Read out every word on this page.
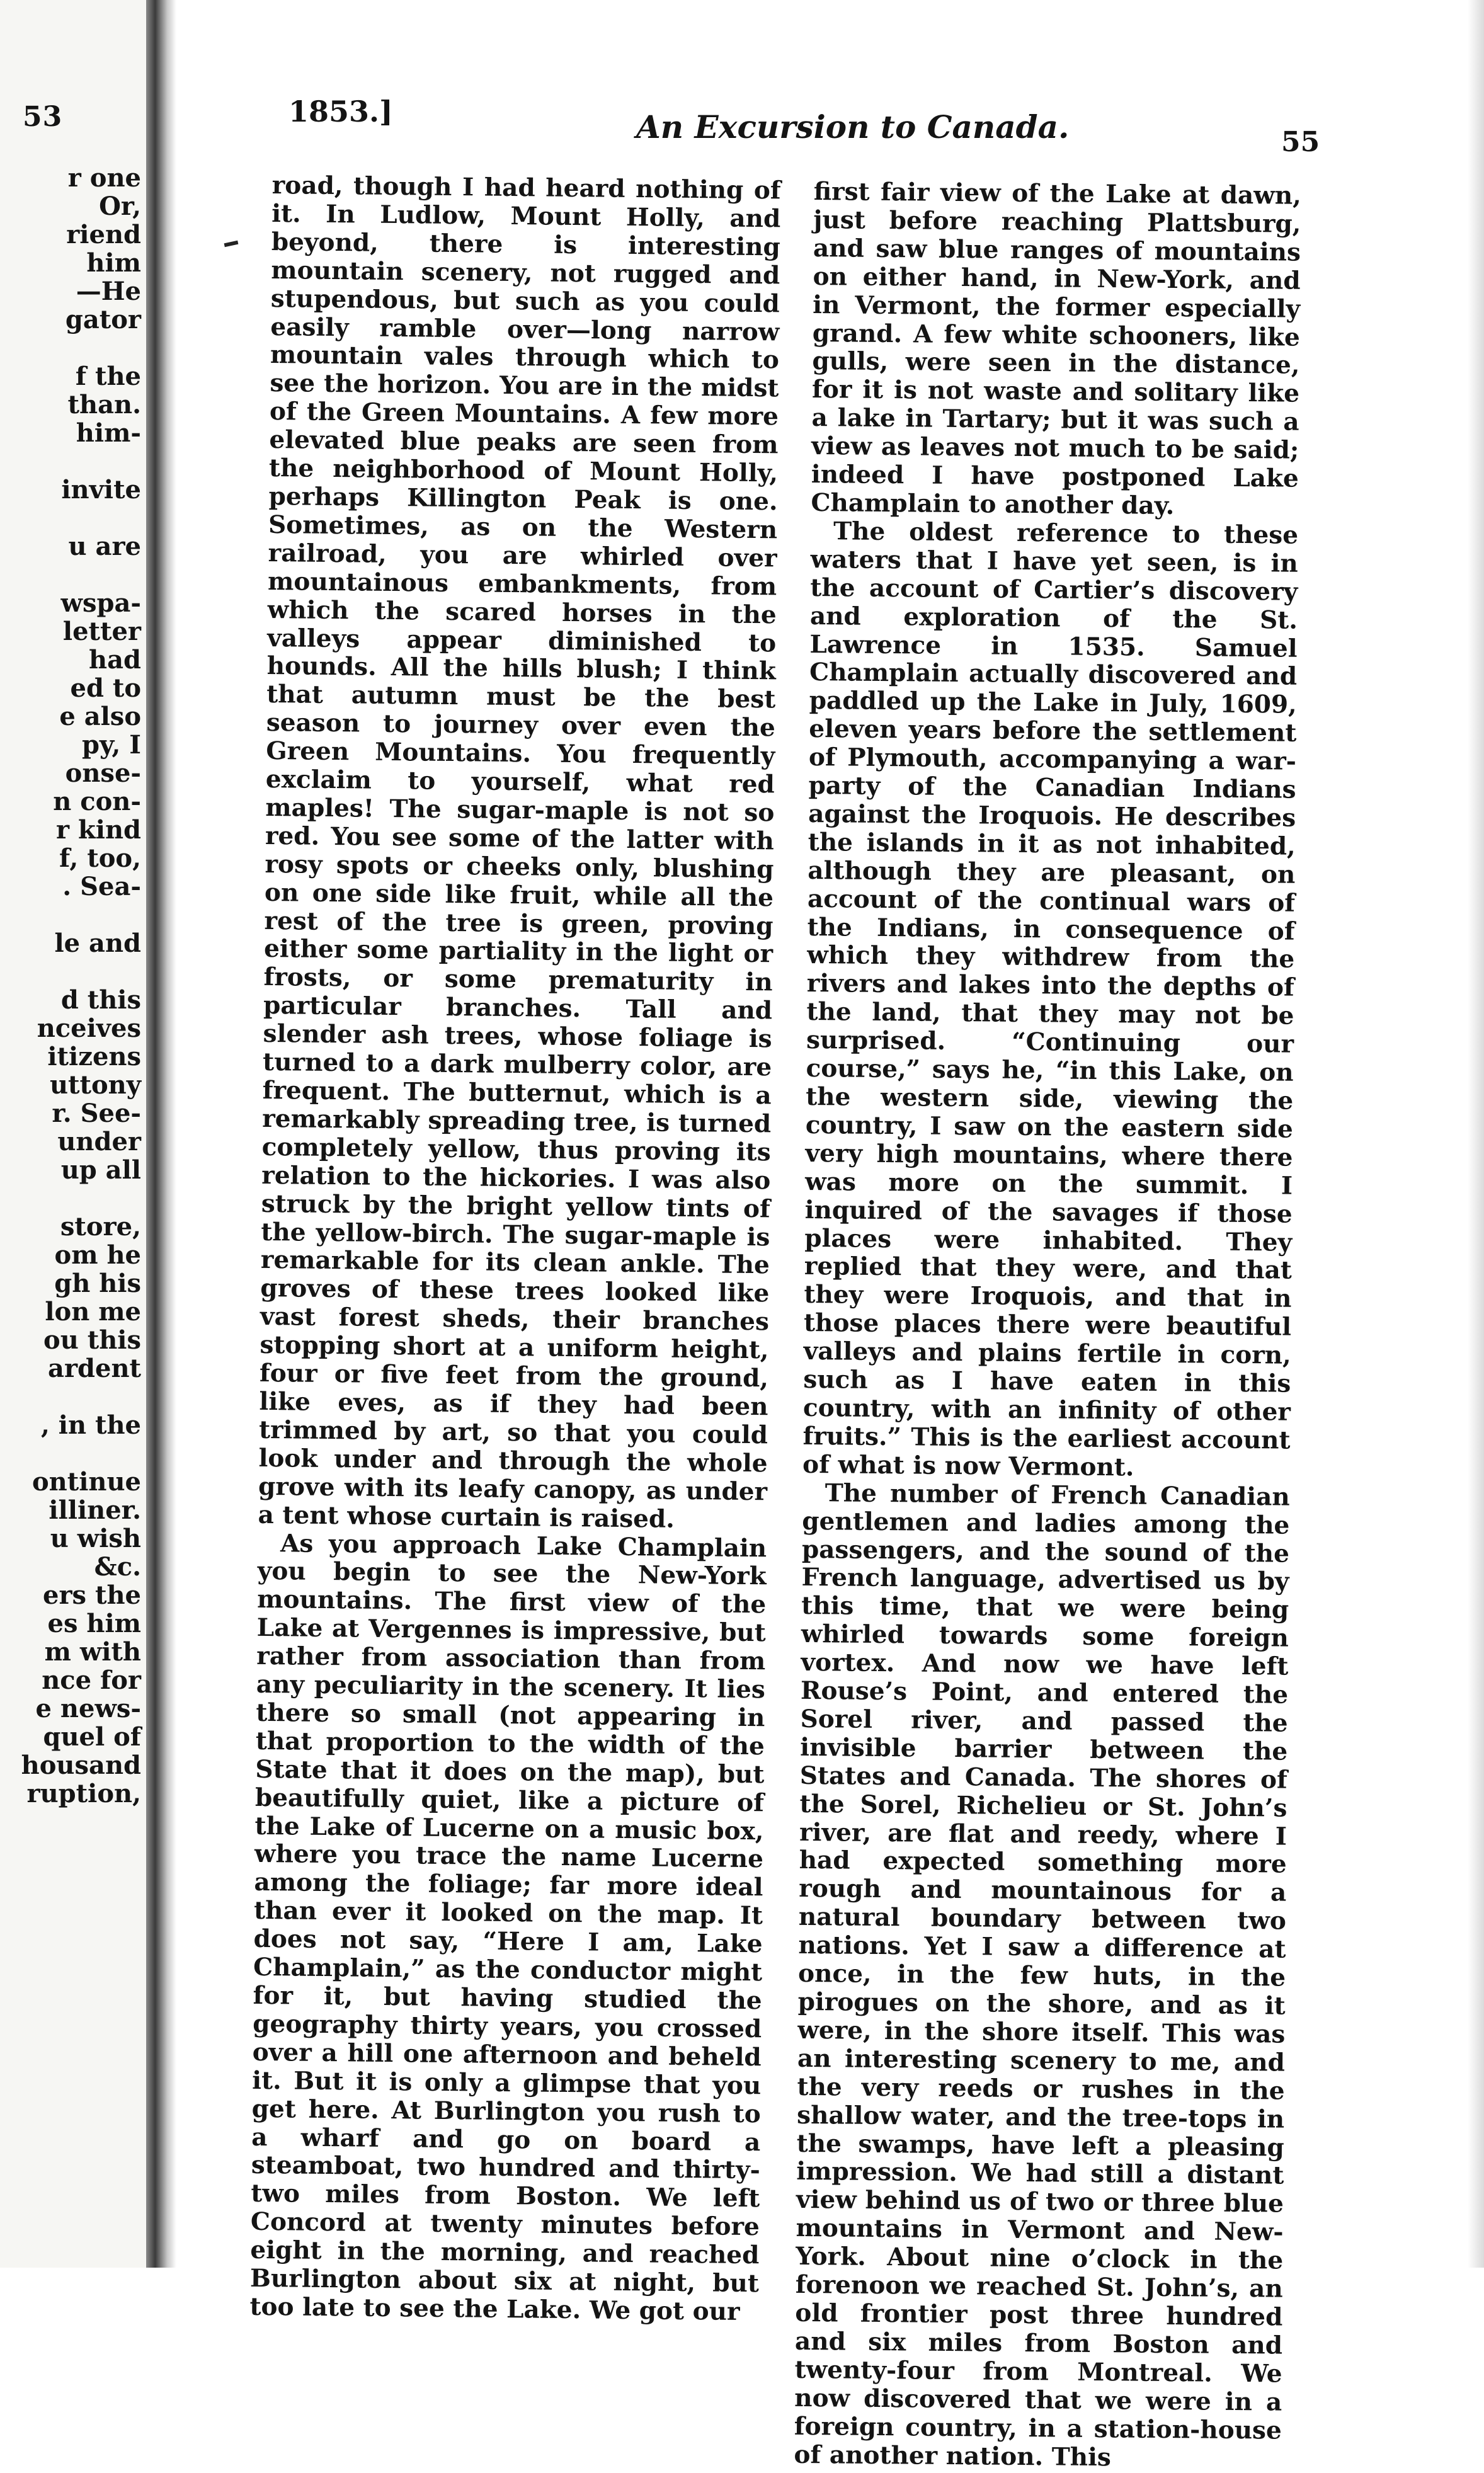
53
r one
Or,
riend
him
—He
gator
f the
than.
him-
invite
u are
wspa-
letter
had
ed to
e also
py, I
onse-
n con-
r kind
f, too,
. Sea-
le and
d this
nceives
itizens
uttony
r. See-
under
up all
store,
om he
gh his
lon me
ou this
ardent
, in the
ontinue
illiner.
u wish
&c.
ers the
es him
m with
nce for
e news-
quel of
housand
ruption,
1853.]	An Excursion to Canada.	55

road, though I had heard nothing of it. In Ludlow, Mount Holly, and beyond, there is interesting mountain scenery, not rugged and stupendous, but such as you could easily ramble over—long narrow mountain vales through which to see the horizon. You are in the midst of the Green Mountains. A few more elevated blue peaks are seen from the neighborhood of Mount Holly, perhaps Killington Peak is one. Sometimes, as on the Western railroad, you are whirled over mountainous embankments, from which the scared horses in the valleys appear diminished to hounds. All the hills blush; I think that autumn must be the best season to journey over even the Green Mountains. You frequently exclaim to yourself, what red maples! The sugar-maple is not so red. You see some of the latter with rosy spots or cheeks only, blushing on one side like fruit, while all the rest of the tree is green, proving either some partiality in the light or frosts, or some prematurity in particular branches. Tall and slender ash trees, whose foliage is turned to a dark mulberry color, are frequent. The butternut, which is a remarkably spreading tree, is turned completely yellow, thus proving its relation to the hickories. I was also struck by the bright yellow tints of the yellow-birch. The sugar-maple is remarkable for its clean ankle. The groves of these trees looked like vast forest sheds, their branches stopping short at a uniform height, four or five feet from the ground, like eves, as if they had been trimmed by art, so that you could look under and through the whole grove with its leafy canopy, as under a tent whose curtain is raised.

As you approach Lake Champlain you begin to see the New-York mountains. The first view of the Lake at Vergennes is impressive, but rather from association than from any peculiarity in the scenery. It lies there so small (not appearing in that proportion to the width of the State that it does on the map), but beautifully quiet, like a picture of the Lake of Lucerne on a music box, where you trace the name Lucerne among the foliage; far more ideal than ever it looked on the map. It does not say, “Here I am, Lake Champlain,” as the conductor might for it, but having studied the geography thirty years, you crossed over a hill one afternoon and beheld it. But it is only a glimpse that you get here. At Burlington you rush to a wharf and go on board a steamboat, two hundred and thirty-two miles from Boston. We left Concord at twenty minutes before eight in the morning, and reached Burlington about six at night, but too late to see the Lake. We got our

first fair view of the Lake at dawn, just before reaching Plattsburg, and saw blue ranges of mountains on either hand, in New-York, and in Vermont, the former especially grand. A few white schooners, like gulls, were seen in the distance, for it is not waste and solitary like a lake in Tartary; but it was such a view as leaves not much to be said; indeed I have postponed Lake Champlain to another day.

The oldest reference to these waters that I have yet seen, is in the account of Cartier’s discovery and exploration of the St. Lawrence in 1535. Samuel Champlain actually discovered and paddled up the Lake in July, 1609, eleven years before the settlement of Plymouth, accompanying a war-party of the Canadian Indians against the Iroquois. He describes the islands in it as not inhabited, although they are pleasant, on account of the continual wars of the Indians, in consequence of which they withdrew from the rivers and lakes into the depths of the land, that they may not be surprised. “Continuing our course,” says he, “in this Lake, on the western side, viewing the country, I saw on the eastern side very high mountains, where there was more on the summit. I inquired of the savages if those places were inhabited. They replied that they were, and that they were Iroquois, and that in those places there were beautiful valleys and plains fertile in corn, such as I have eaten in this country, with an infinity of other fruits.” This is the earliest account of what is now Vermont.

The number of French Canadian gentlemen and ladies among the passengers, and the sound of the French language, advertised us by this time, that we were being whirled towards some foreign vortex. And now we have left Rouse’s Point, and entered the Sorel river, and passed the invisible barrier between the States and Canada. The shores of the Sorel, Richelieu or St. John’s river, are flat and reedy, where I had expected something more rough and mountainous for a natural boundary between two nations. Yet I saw a difference at once, in the few huts, in the pirogues on the shore, and as it were, in the shore itself. This was an interesting scenery to me, and the very reeds or rushes in the shallow water, and the tree-tops in the swamps, have left a pleasing impression. We had still a distant view behind us of two or three blue mountains in Vermont and New-York. About nine o’clock in the forenoon we reached St. John’s, an old frontier post three hundred and six miles from Boston and twenty-four from Montreal. We now discovered that we were in a foreign country, in a station-house of another nation. This
